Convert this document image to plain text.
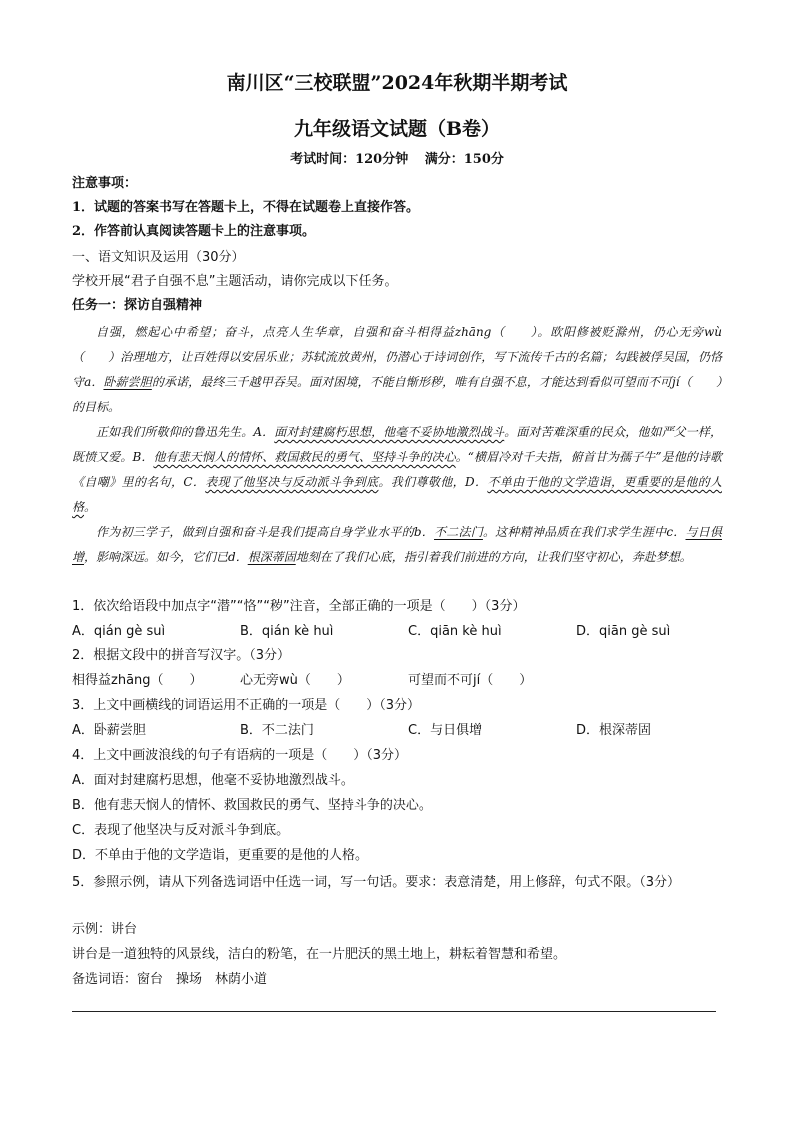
南川区“三校联盟”2024年秋期半期考试
九年级语文试题（B卷）
考试时间：120分钟 满分：150分
注意事项：
1．试题的答案书写在答题卡上，不得在试题卷上直接作答。
2．作答前认真阅读答题卡上的注意事项。
一、语文知识及运用（30分）
学校开展“君子自强不息”主题活动，请你完成以下任务。
任务一：探访自强精神

自强，燃起心中希望；奋斗，点亮人生华章，自强和奋斗相得益zhāng（　　）。欧阳修被贬滁州，仍心无旁wù（　　）治理地方，让百姓得以安居乐业；苏轼流放黄州，仍潜心于诗词创作，写下流传千古的名篇；勾践被俘吴国，仍恪守a．卧薪尝胆的承诺，最终三千越甲吞吴。面对困境，不能自惭形秽，唯有自强不息，才能达到看似可望而不可jí（　　）的目标。

正如我们所敬仰的鲁迅先生。A．面对封建腐朽思想，他毫不妥协地激烈战斗。面对苦难深重的民众，他如严父一样，既愤又爱。B．他有悲天悯人的情怀、救国救民的勇气、坚持斗争的决心。“横眉冷对千夫指，俯首甘为孺子牛”是他的诗歌《自嘲》里的名句，C．表现了他坚决与反动派斗争到底。我们尊敬他，D．不单由于他的文学造诣，更重要的是他的人格。

作为初三学子，做到自强和奋斗是我们提高自身学业水平的b．不二法门。这种精神品质在我们求学生涯中c．与日俱增，影响深远。如今，它们已d．根深蒂固地刻在了我们心底，指引着我们前进的方向，让我们坚守初心，奔赴梦想。

1．依次给语段中加点字“潜”“恪”“秽”注音，全部正确的一项是（　　）（3分）
A．qián gè suì	B．qián kè huì	C．qiān kè huì	D．qiān gè suì
2．根据文段中的拼音写汉字。（3分）
相得益zhāng（　　）	心无旁wù（　　）	可望而不可jí（　　）
3．上文中画横线的词语运用不正确的一项是（　　）（3分）
A．卧薪尝胆	B．不二法门	C．与日俱增	D．根深蒂固
4．上文中画波浪线的句子有语病的一项是（　　）（3分）
A．面对封建腐朽思想，他毫不妥协地激烈战斗。
B．他有悲天悯人的情怀、救国救民的勇气、坚持斗争的决心。
C．表现了他坚决与反对派斗争到底。
D．不单由于他的文学造诣，更重要的是他的人格。
5．参照示例，请从下列备选词语中任选一词，写一句话。要求：表意清楚，用上修辞，句式不限。（3分）
示例：讲台
讲台是一道独特的风景线，洁白的粉笔，在一片肥沃的黑土地上，耕耘着智慧和希望。
备选词语：窗台　操场　林荫小道
